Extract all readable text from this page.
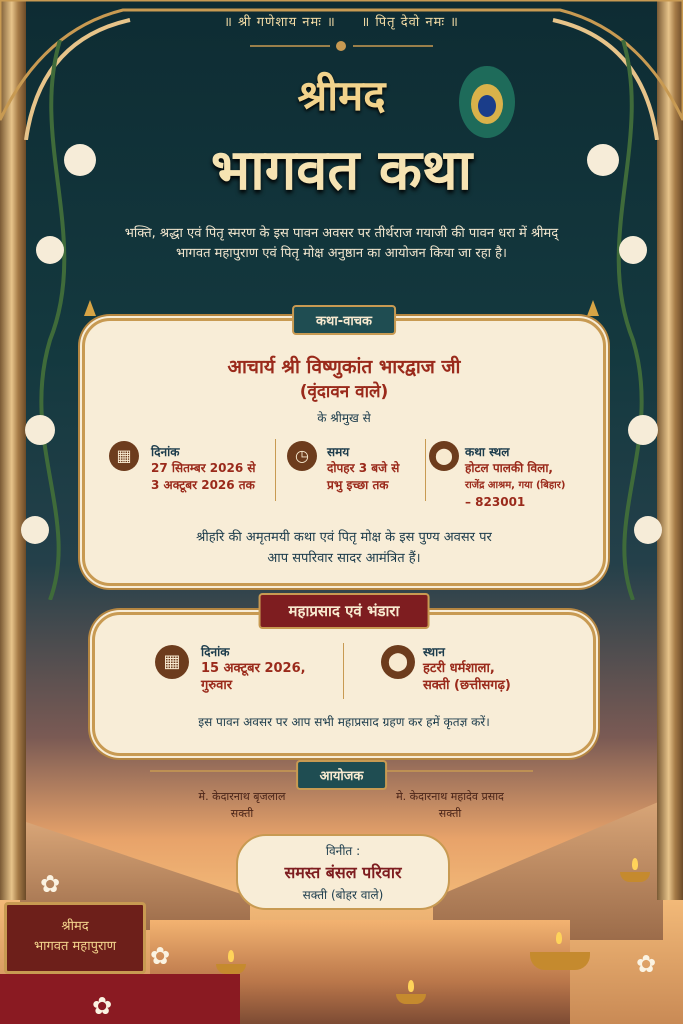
॥ श्री गणेशाय नमः ॥ ॥ पितृ देवो नमः ॥
श्रीमद
भागवत कथा
भक्ति, श्रद्धा एवं पितृ स्मरण के इस पावन अवसर पर तीर्थराज गयाजी की पावन धरा में श्रीमद् भागवत महापुराण एवं पितृ मोक्ष अनुष्ठान का आयोजन किया जा रहा है।
कथा-वाचक
आचार्य श्री विष्णुकांत भारद्वाज जी
(वृंदावन वाले)
के श्रीमुख से
▦	दिनांक
27 सितम्बर 2026 से
3 अक्टूबर 2026 तक
◷	समय
दोपहर 3 बजे से
प्रभु इच्छा तक
⬤	कथा स्थल
होटल पालकी विला,
राजेंद्र आश्रम, गया (बिहार)
– 823001
श्रीहरि की अमृतमयी कथा एवं पितृ मोक्ष के इस पुण्य अवसर पर
आप सपरिवार सादर आमंत्रित हैं।
महाप्रसाद एवं भंडारा
▦	दिनांक
15 अक्टूबर 2026,
गुरुवार
⬤	स्थान
हटरी धर्मशाला,
सक्ती (छत्तीसगढ़)
इस पावन अवसर पर आप सभी महाप्रसाद ग्रहण कर हमें कृतज्ञ करें।
आयोजक
मे. केदारनाथ बृजलाल
सक्ती
मे. केदारनाथ महादेव प्रसाद
सक्ती
विनीत :
समस्त बंसल परिवार
सक्ती (बोहर वाले)
श्रीमद
भागवत महापुराण
✿
✿
✿
✿
